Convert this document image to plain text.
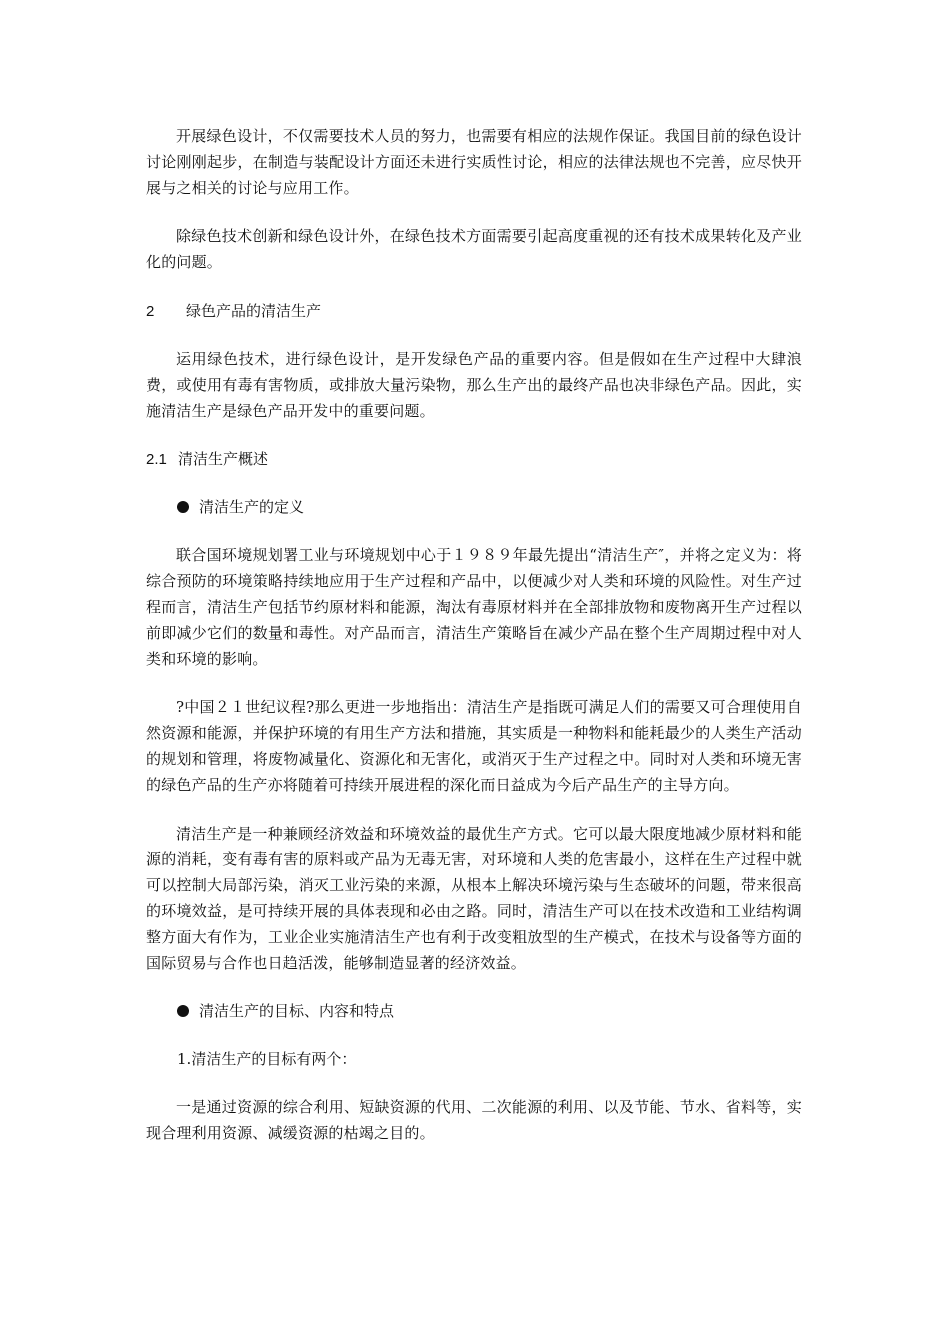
开展绿色设计，不仅需要技术人员的努力，也需要有相应的法规作保证。我国目前的绿色设计讨论刚刚起步，在制造与装配设计方面还未进行实质性讨论，相应的法律法规也不完善，应尽快开展与之相关的讨论与应用工作。

除绿色技术创新和绿色设计外，在绿色技术方面需要引起高度重视的还有技术成果转化及产业化的问题。

2 绿色产品的清洁生产

运用绿色技术，进行绿色设计，是开发绿色产品的重要内容。但是假如在生产过程中大肆浪费，或使用有毒有害物质，或排放大量污染物，那么生产出的最终产品也决非绿色产品。因此，实施清洁生产是绿色产品开发中的重要问题。

2.1 清洁生产概述
清洁生产的定义

联合国环境规划署工业与环境规划中心于１９８９年最先提出“清洁生产″，并将之定义为：将综合预防的环境策略持续地应用于生产过程和产品中，以便减少对人类和环境的风险性。对生产过程而言，清洁生产包括节约原材料和能源，淘汰有毒原材料并在全部排放物和废物离开生产过程以前即减少它们的数量和毒性。对产品而言，清洁生产策略旨在减少产品在整个生产周期过程中对人类和环境的影响。

?中国２１世纪议程?那么更进一步地指出：清洁生产是指既可满足人们的需要又可合理使用自然资源和能源，并保护环境的有用生产方法和措施，其实质是一种物料和能耗最少的人类生产活动的规划和管理，将废物减量化、资源化和无害化，或消灭于生产过程之中。同时对人类和环境无害的绿色产品的生产亦将随着可持续开展进程的深化而日益成为今后产品生产的主导方向。

清洁生产是一种兼顾经济效益和环境效益的最优生产方式。它可以最大限度地减少原材料和能源的消耗，变有毒有害的原料或产品为无毒无害，对环境和人类的危害最小，这样在生产过程中就可以控制大局部污染，消灭工业污染的来源，从根本上解决环境污染与生态破坏的问题，带来很高的环境效益，是可持续开展的具体表现和必由之路。同时，清洁生产可以在技术改造和工业结构调整方面大有作为，工业企业实施清洁生产也有利于改变粗放型的生产模式，在技术与设备等方面的国际贸易与合作也日趋活泼，能够制造显著的经济效益。

清洁生产的目标、内容和特点
1.清洁生产的目标有两个：

一是通过资源的综合利用、短缺资源的代用、二次能源的利用、以及节能、节水、省料等，实现合理利用资源、减缓资源的枯竭之目的。
